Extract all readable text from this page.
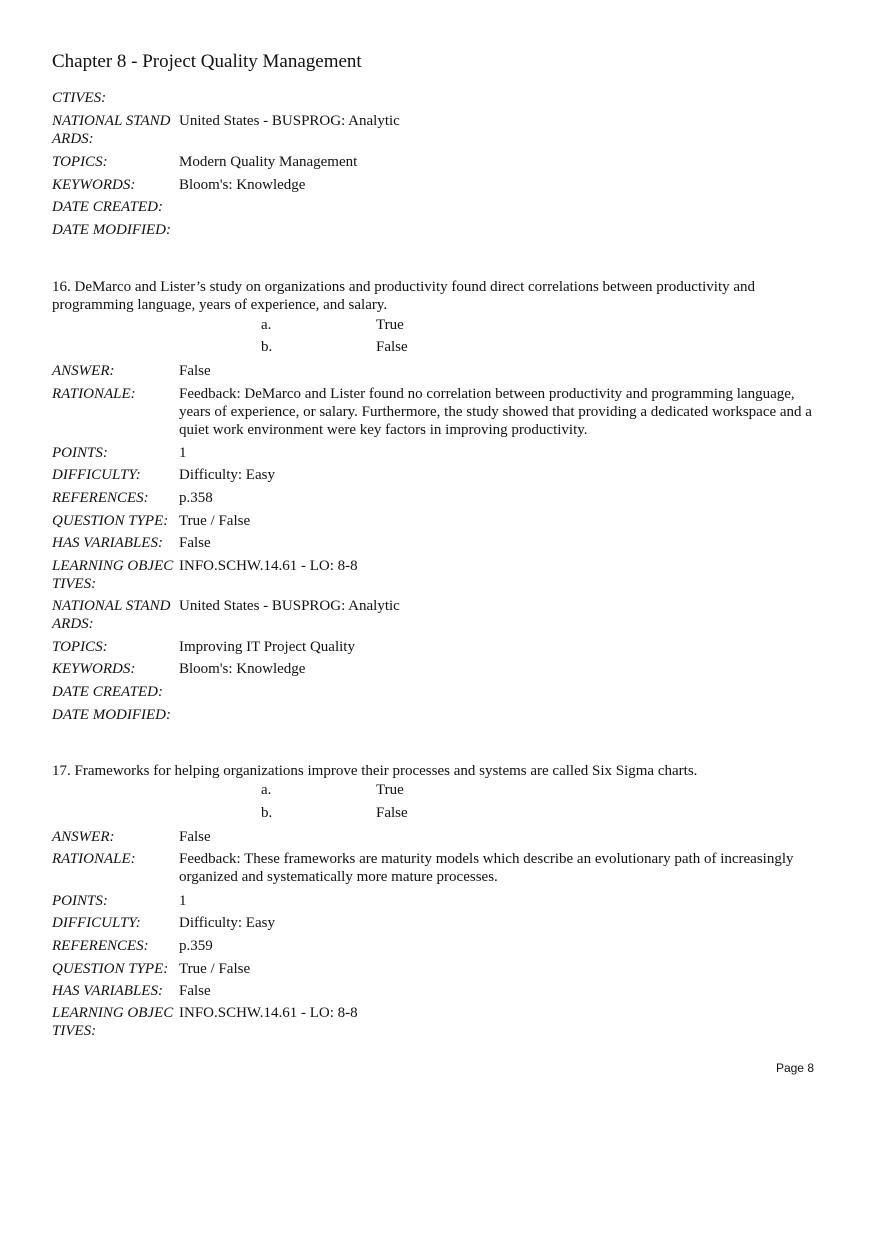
Chapter 8 - Project Quality Management
CTIVES:
NATIONAL STANDARDS:
United States - BUSPROG: Analytic
TOPICS:	Modern Quality Management
KEYWORDS:	Bloom's: Knowledge
DATE CREATED:
DATE MODIFIED:
16. DeMarco and Lister’s study on organizations and productivity found direct correlations between productivity and programming language, years of experience, and salary.
a.	True
b.	False
ANSWER:	False
RATIONALE:	Feedback: DeMarco and Lister found no correlation between productivity and programming language, years of experience, or salary. Furthermore, the study showed that providing a dedicated workspace and a quiet work environment were key factors in improving productivity.
POINTS:	1
DIFFICULTY:	Difficulty: Easy
REFERENCES:	p.358
QUESTION TYPE: True / False
HAS VARIABLES:	False
LEARNING OBJECTIVES:
INFO.SCHW.14.61 - LO: 8-8
NATIONAL STANDARDS:
United States - BUSPROG: Analytic
TOPICS:	Improving IT Project Quality
KEYWORDS:	Bloom's: Knowledge
DATE CREATED:
DATE MODIFIED:
17. Frameworks for helping organizations improve their processes and systems are called Six Sigma charts.
a.	True
b.	False
ANSWER:	False
RATIONALE:	Feedback: These frameworks are maturity models which describe an evolutionary path of increasingly organized and systematically more mature processes.
POINTS:	1
DIFFICULTY:	Difficulty: Easy
REFERENCES:	p.359
QUESTION TYPE: True / False
HAS VARIABLES:	False
LEARNING OBJECTIVES:
INFO.SCHW.14.61 - LO: 8-8
Page 8
